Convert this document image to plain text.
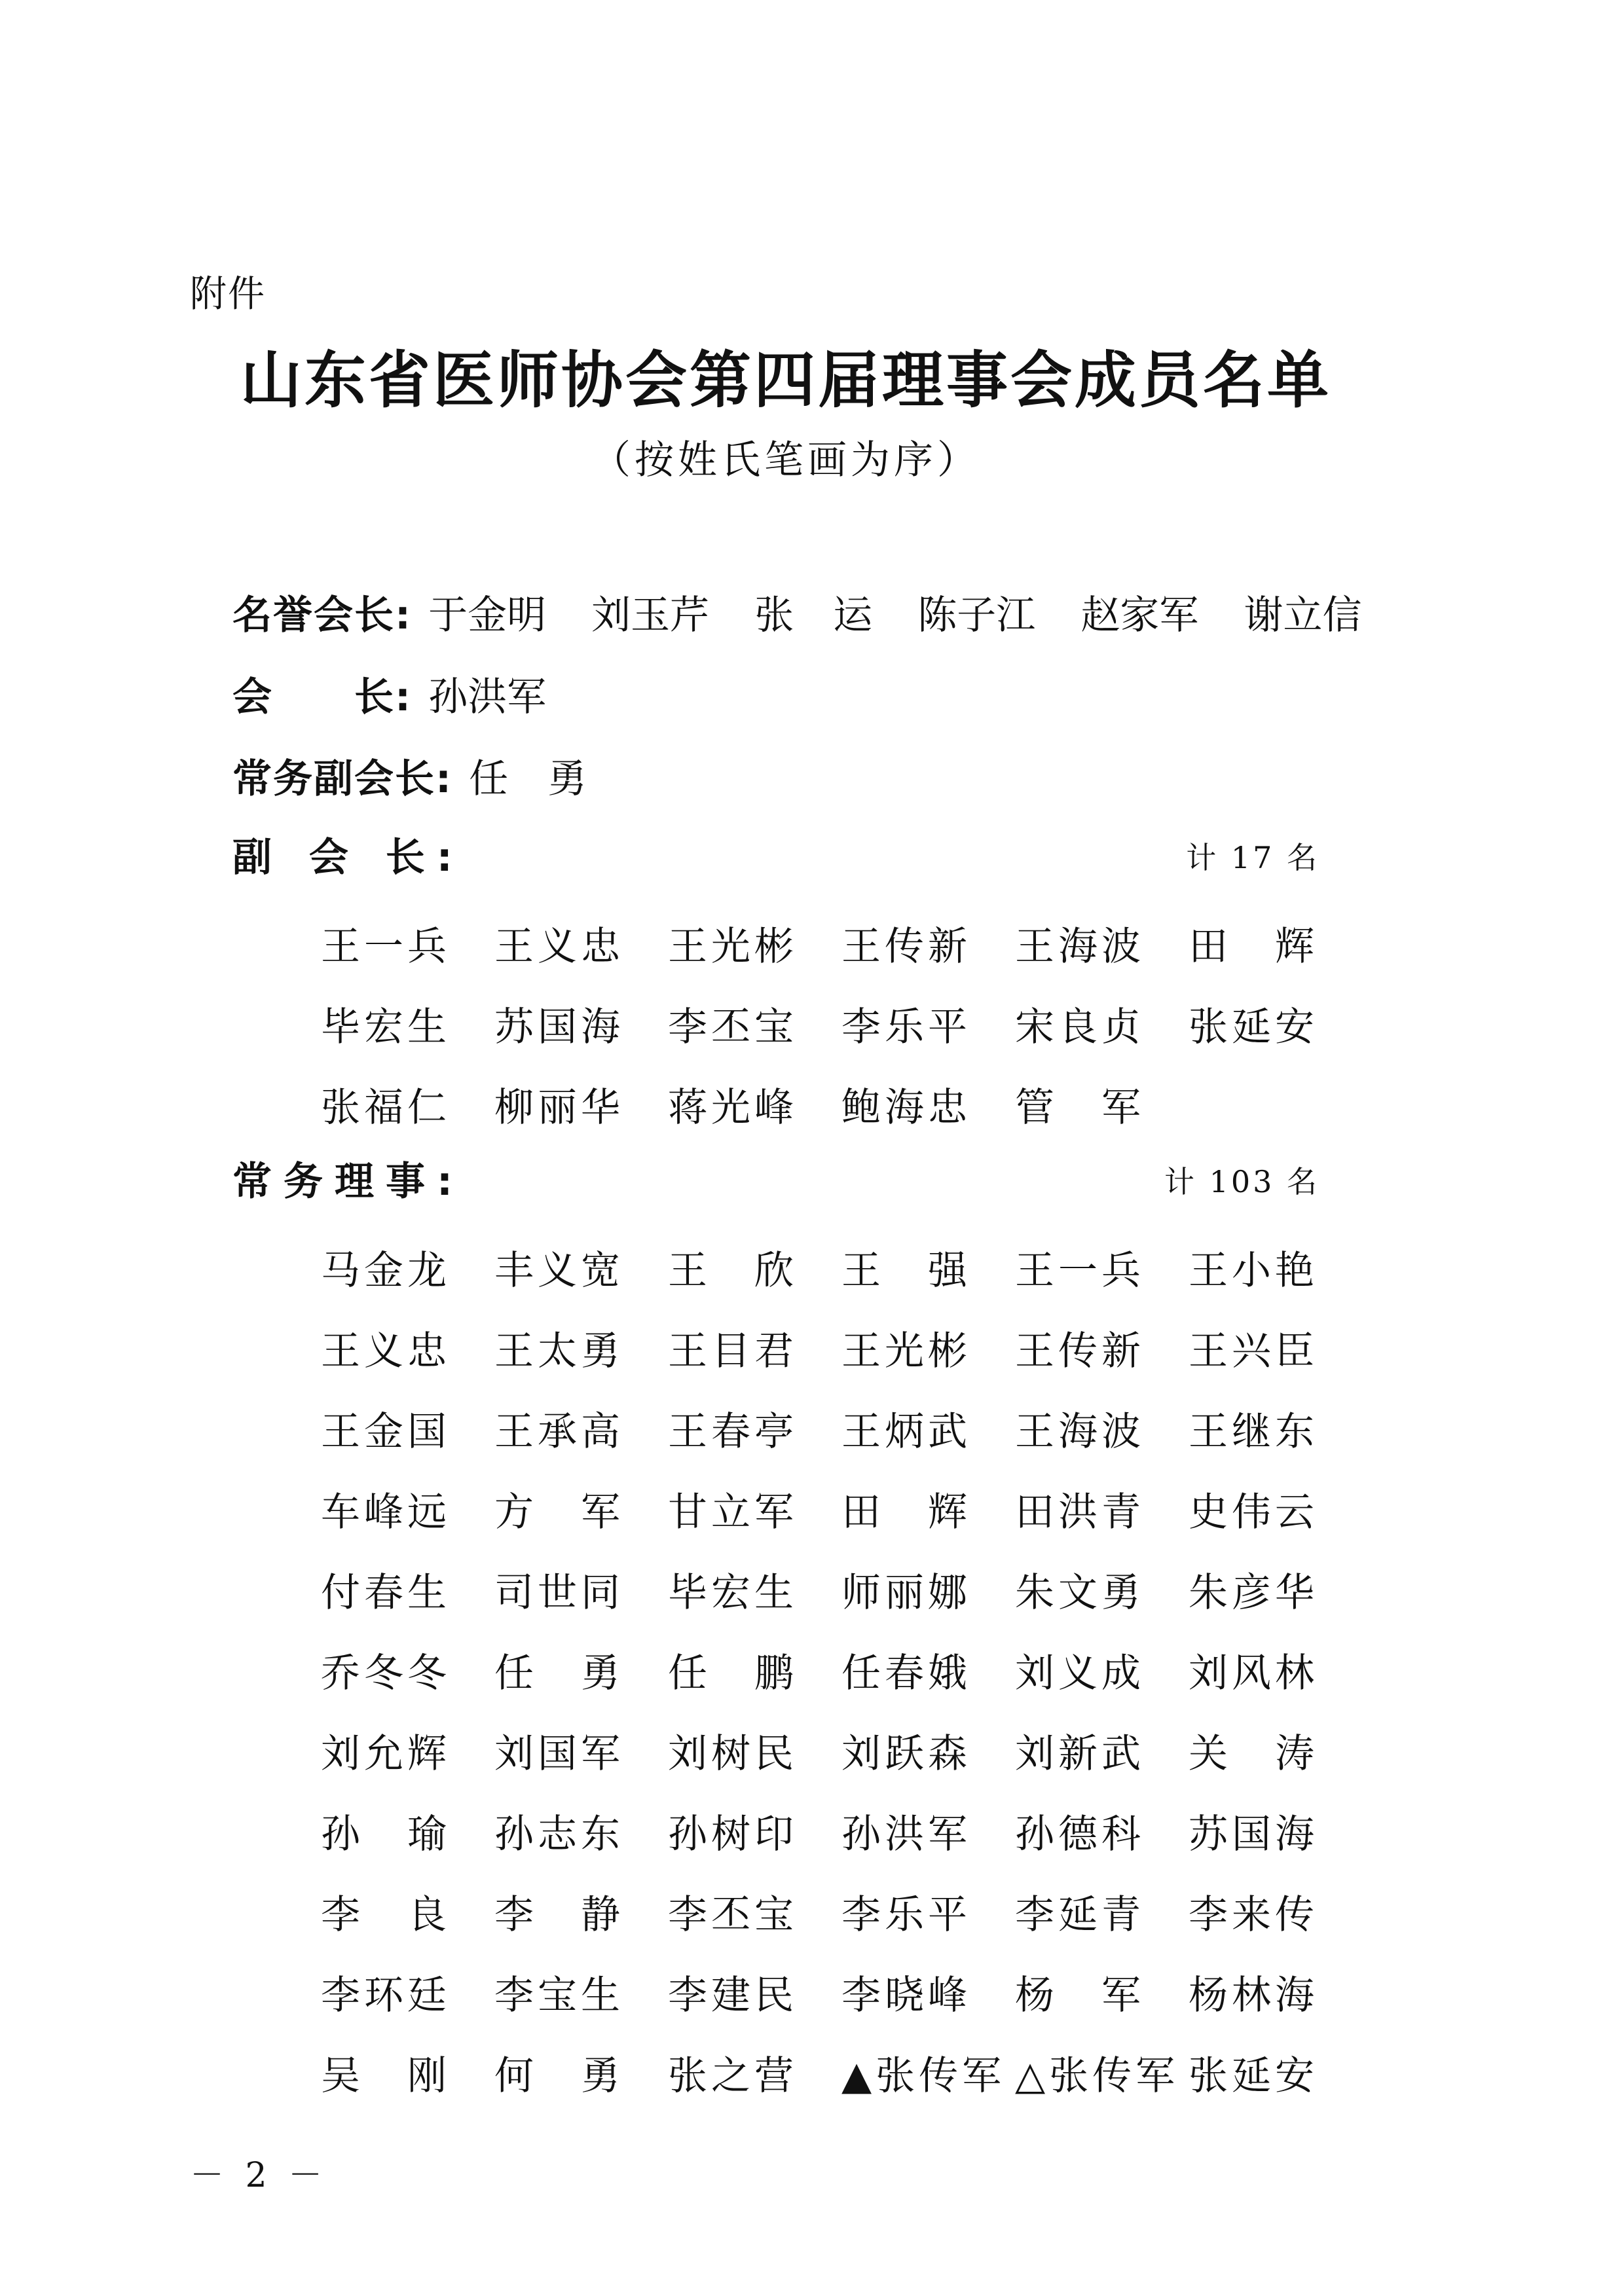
附件
山东省医师协会第四届理事会成员名单
（按姓氏笔画为序）
名誉会长: 于金明 刘玉芹 张　运 陈子江 赵家军 谢立信
会　　长: 孙洪军
常务副会长: 任　勇
副 会 长:	计 17 名
王一兵	王义忠	王光彬	王传新	王海波	田　辉
毕宏生	苏国海	李丕宝	李乐平	宋良贞	张延安
张福仁	柳丽华	蒋光峰	鲍海忠	管　军
常务理事:	计 103 名
马金龙	丰义宽	王　欣	王　强	王一兵	王小艳
王义忠	王太勇	王目君	王光彬	王传新	王兴臣
王金国	王承高	王春亭	王炳武	王海波	王继东
车峰远	方　军	甘立军	田　辉	田洪青	史伟云
付春生	司世同	毕宏生	师丽娜	朱文勇	朱彦华
乔冬冬	任　勇	任　鹏	任春娥	刘义成	刘风林
刘允辉	刘国军	刘树民	刘跃森	刘新武	关　涛
孙　瑜	孙志东	孙树印	孙洪军	孙德科	苏国海
李　良	李　静	李丕宝	李乐平	李延青	李来传
李环廷	李宝生	李建民	李晓峰	杨　军	杨林海
吴　刚	何　勇	张之营	▲张传军 △张传军 张延安
－ 2 －
